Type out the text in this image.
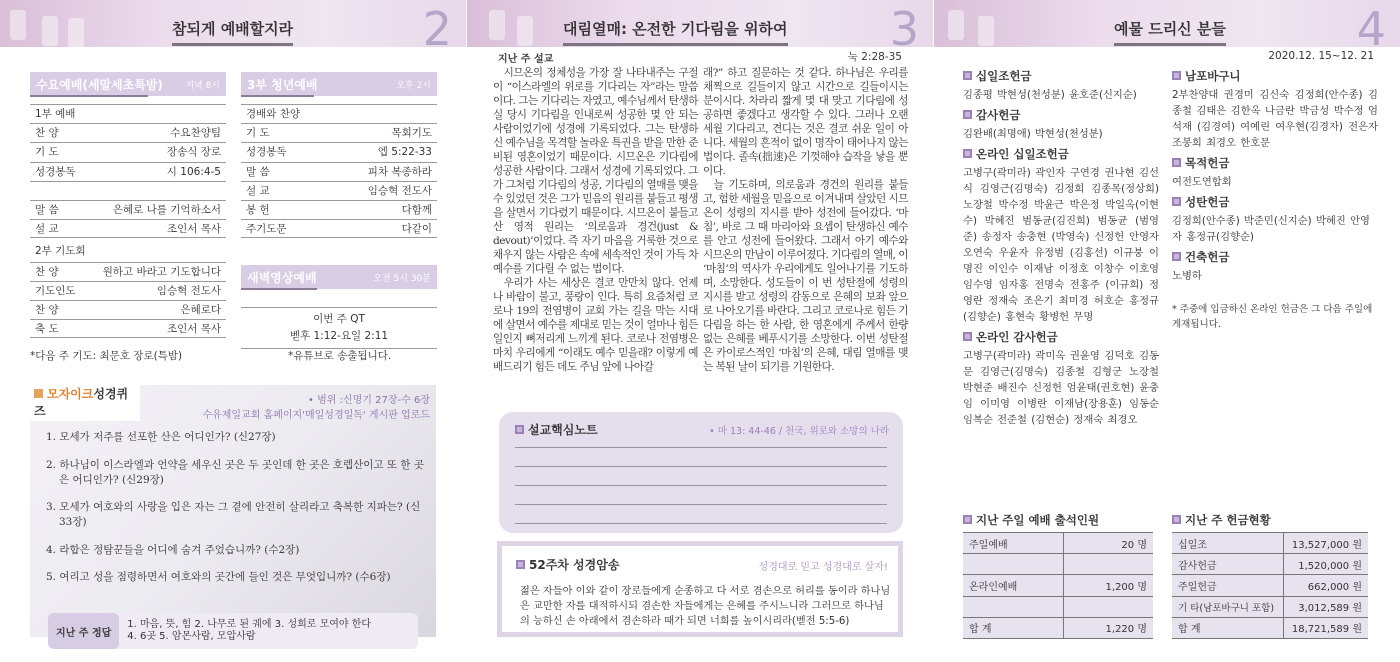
참되게 예배할지라	2
수요예배(세말세초특밤) 저녁 8시
1부 예배
찬 양	수요찬양팀
기 도	장송식 장로
성경봉독	시 106:4-5
말 씀	은혜로 나를 기억하소서
설 교	조인서 목사
2부 기도회
찬 양	원하고 바라고 기도합니다
기도인도	임승혁 전도사
찬 양	은혜로다
축 도	조인서 목사
*다음 주 기도: 최문호 장로(특밤)
3부 청년예배	오후 2시
경배와 찬양
기 도	목회기도
성경봉독	엡 5:22-33
말 씀	피차 복종하라
설 교	임승혁 전도사
봉 헌	다함께
주기도문	다같이
새벽영상예배	오전 5시 30분
이번 주 QT
벧후 1:12-요일 2:11
*유튜브로 송출됩니다.
모자이크성경퀴즈
• 범위 :신명기 27장-수 6장
수유제일교회 홈페이지'매일성경일독' 게시판 업로드
1. 모세가 저주를 선포한 산은 어디인가? (신27장)
2. 하나님이 이스라엘과 언약을 세우신 곳은 두 곳인데 한 곳은 호렙산이고 또 한 곳은 어디인가? (신29장)
3. 모세가 여호와의 사랑을 입은 자는 그 곁에 안전히 살리라고 축복한 지파는? (신33장)
4. 라합은 정탐꾼들을 어디에 숨겨 주었습니까? (수2장)
5. 여리고 성을 점령하면서 여호와의 곳간에 들인 것은 무엇입니까? (수6장)
지난 주 정답
1. 마음, 뜻, 힘 2. 나무로 된 궤에 3. 성회로 모여야 한다
4. 6곳 5. 암몬사람, 모압사람
대림열매: 온전한 기다림을 위하여 3
지난 주 설교	눅 2:28-35

시므온의 정체성을 가장 잘 나타내주는 구절이 “이스라엘의 위로를 기다리는 자”라는 말씀이다. 그는 기다리는 자였고, 예수님께서 탄생하실 당시 기다림을 인내로써 성공한 몇 안 되는 사람이었기에 성경에 기록되었다. 그는 탄생하신 예수님을 목격할 놀라운 특권을 받을 만한 준비된 영혼이었기 때문이다. 시므온은 기다림에 성공한 사람이다. 그래서 성경에 기록되었다. 그가 그처럼 기다림의 성공, 기다림의 열매를 맺을 수 있었던 것은 그가 믿음의 원리를 붙들고 평생을 살면서 기다렸기 때문이다. 시므온이 붙들고 산 영적 원리는 ‘의로움과 경건(just & devout)’이었다. 즉 자기 마음을 거룩한 것으로 채우지 않는 사람은 속에 세속적인 것이 가득 차 예수를 기다릴 수 없는 법이다.

우리가 사는 세상은 결코 만만치 않다. 언제나 바람이 불고, 풍랑이 인다. 특히 요즘처럼 코로나 19의 전염병이 교회 가는 길을 막는 시대에 살면서 예수를 제대로 믿는 것이 얼마나 힘든 일인지 뼈저리게 느끼게 된다. 코로나 전염병은 마치 우리에게 “이래도 예수 믿을래? 이렇게 예배드리기 힘든 데도 주님 앞에 나아갈

래?” 하고 질문하는 것 같다. 하나님은 우리를 채찍으로 길들이지 않고 시간으로 길들이시는 분이시다. 차라리 짧게 몇 대 맞고 기다림에 성공하면 좋겠다고 생각할 수 있다. 그러나 오랜 세월 기다리고, 견디는 것은 결코 쉬운 일이 아니다. 세월의 흔적이 없이 명작이 태어나지 않는 법이다. 졸속(拙速)은 기껏해야 습작을 낳을 뿐이다.

늘 기도하며, 의로움과 경건의 원리를 붙들고, 험한 세월을 믿음으로 이겨내며 살았던 시므온이 성령의 지시를 받아 성전에 들어갔다. ‘마침’, 바로 그 때 마리아와 요셉이 탄생하신 예수를 안고 성전에 들어왔다. 그래서 아기 예수와 시므온의 만남이 이루어졌다. 기다림의 열매, 이 ‘마침’의 역사가 우리에게도 일어나기를 기도하며, 소망한다. 성도들이 이 번 성탄절에 성령의 지시를 받고 성령의 감동으로 은혜의 보좌 앞으로 나아오기를 바란다. 그리고 코로나로 힘든 기다림을 하는 한 사람, 한 영혼에게 주께서 한량없는 은혜를 베푸시기를 소망한다. 이번 성탄절은 카이로스적인 ‘마침’의 은혜, 대림 열매를 맺는 복된 날이 되기를 기원한다.

설교핵심노트	• 마 13: 44-46 / 천국, 위로와 소망의 나라
52주차 성경암송	성경대로 믿고 성경대로 살자!
젊은 자들아 이와 같이 장로들에게 순종하고 다 서로 겸손으로 허리를 동이라 하나님은 교만한 자를 대적하시되 겸손한 자들에게는 은혜를 주시느니라 그러므로 하나님의 능하신 손 아래에서 겸손하라 때가 되면 너희를 높이시리라(벧전 5:5-6)
예물 드리신 분들	4
2020.12. 15~12. 21
십일조헌금
김종평 박현성(천성분) 윤호준(신지순)
감사헌금
김완배(최명애) 박현성(천성분)
온라인 십일조헌금
고병구(곽미라) 곽인자 구연경 권나현 김선식 김영근(김명숙) 김정희 김종목(정상희) 노장철 박수정 박윤근 박은정 박일옥(이현수) 박혜진 범동균(김진희) 범동균 (범영준) 송정자 송충현 (박영숙) 신정헌 안영자 오연숙 우윤자 유정범 (김홍선) 이규붕 이명진 이인수 이재남 이정호 이창수 이호영 임수영 임자홍 전명숙 전홍주 (이규희) 정영란 정재숙 조은기 최미경 허호순 홍정규(김향순) 홍현숙 황병헌 무명
온라인 감사헌금
고병구(곽미라) 곽미옥 권윤영 김덕호 김동문 김영근(김명숙) 김종철 김형군 노장철 박현준 배진수 신정헌 엄윤태(권호현) 윤충임 이미영 이병란 이재남(장용훈) 임동순 임복순 전준철 (김현순) 정재숙 최경오
남포바구니
2부찬양대 권경미 김신숙 김정희(안수종) 김종철 김태은 김한옥 나금란 박금성 박수정 엄석재 (김경여) 여예린 여우현(김경자) 전은자 조봉희 최경오 한호문
목적헌금
여전도연합회
성탄헌금
김정희(안수종) 박준민(신지순) 박혜진 안영자 홍정규(김향순)
건축헌금
노병하
* 주중에 입금하신 온라인 헌금은 그 다음 주일에 게재됩니다.
지난 주일 예배 출석인원
주일예배	20 명

온라인예배	1,200 명

합 계	1,220 명
지난 주 헌금현황
십일조	13,527,000 원
감사헌금	1,520,000 원
주일헌금	662,000 원
기 타(남포바구니 포함)	3,012,589 원
합 계	18,721,589 원
